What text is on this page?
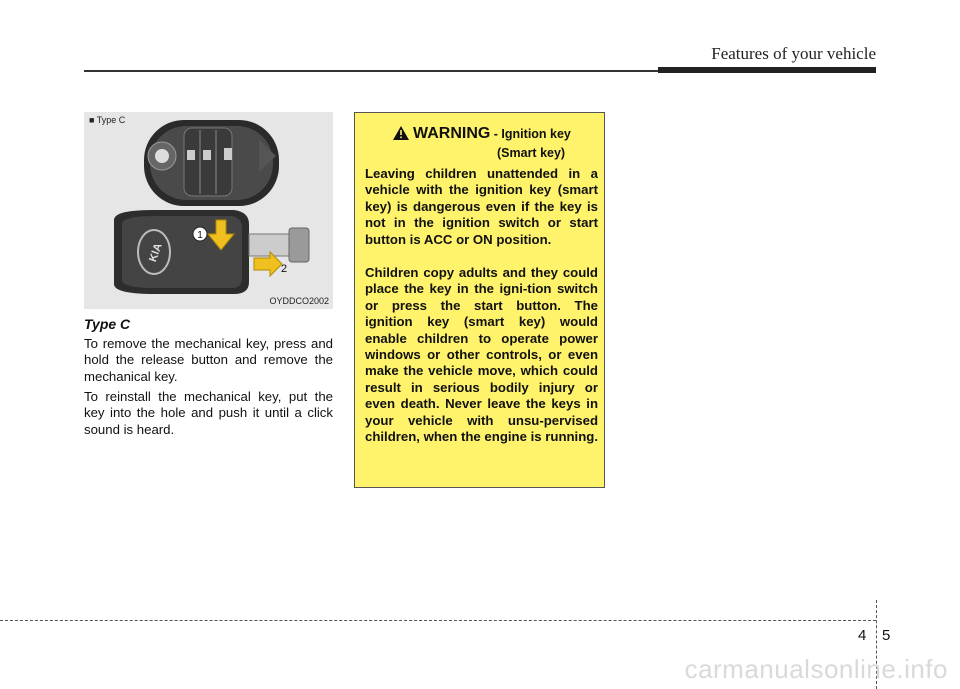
Features of your vehicle
KIA
1
2
■ Type C
OYDDCO2002
Type C

To remove the mechanical key, press and hold the release button and remove the mechanical key.

To reinstall the mechanical key, put the key into the hole and push it until a click sound is heard.

WARNING - Ignition key
(Smart key)

Leaving children unattended in a vehicle with the ignition key (smart key) is dangerous even if the key is not in the ignition switch or start button is ACC or ON position.

Children copy adults and they could place the key in the igni-tion switch or press the start button. The ignition key (smart key) would enable children to operate power windows or other controls, or even make the vehicle move, which could result in serious bodily injury or even death. Never leave the keys in your vehicle with unsu-pervised children, when the engine is running.

4 5
carmanualsonline.info
